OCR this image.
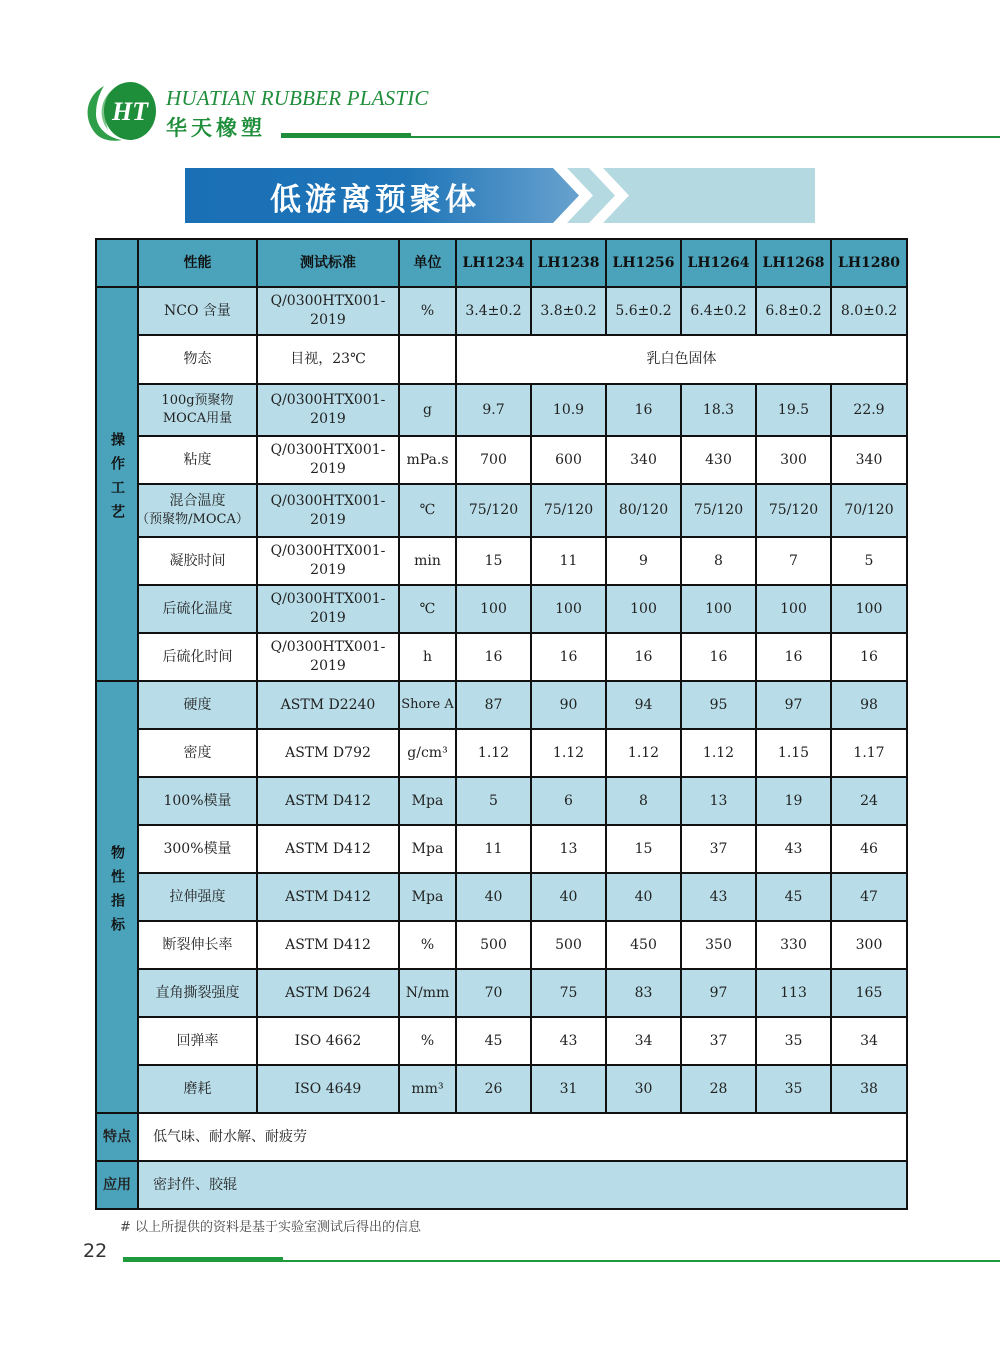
HT HUATIAN RUBBER PLASTIC
华天橡塑
低游离预聚体
	性能	测试标准	单位	LH1234	LH1238	LH1256	LH1264	LH1268	LH1280
操作工艺	NCO 含量	Q/0300HTX001-2019	%	3.4±0.2	3.8±0.2	5.6±0.2	6.4±0.2	6.8±0.2	8.0±0.2
	物态	目视，23℃		乳白色固体					

	100g预聚物
MOCA用量	Q/0300HTX001-2019	g	9.7	10.9	16	18.3	19.5	22.9
	粘度	Q/0300HTX001-2019	mPa.s	700	600	340	430	300	340

	混合温度
（预聚物/MOCA）	Q/0300HTX001-2019	℃	75/120	75/120	80/120	75/120	75/120	70/120
	凝胶时间	Q/0300HTX001-2019	min	15	11	9	8	7	5
	后硫化温度	Q/0300HTX001-2019	℃	100	100	100	100	100	100
	后硫化时间	Q/0300HTX001-2019	h	16	16	16	16	16	16
物性指标	硬度	ASTM D2240	Shore A	87	90	94	95	97	98
	密度	ASTM D792	g/cm³	1.12	1.12	1.12	1.12	1.15	1.17
	100%模量	ASTM D412	Mpa	5	6	8	13	19	24
	300%模量	ASTM D412	Mpa	11	13	15	37	43	46
	拉伸强度	ASTM D412	Mpa	40	40	40	43	45	47
	断裂伸长率	ASTM D412	%	500	500	450	350	330	300
	直角撕裂强度	ASTM D624	N/mm	70	75	83	97	113	165
	回弹率	ISO 4662	%	45	43	34	37	35	34
	磨耗	ISO 4649	mm³	26	31	30	28	35	38
特点	低气味、耐水解、耐疲劳								
应用	密封件、胶辊								
# 以上所提供的资料是基于实验室测试后得出的信息
22
